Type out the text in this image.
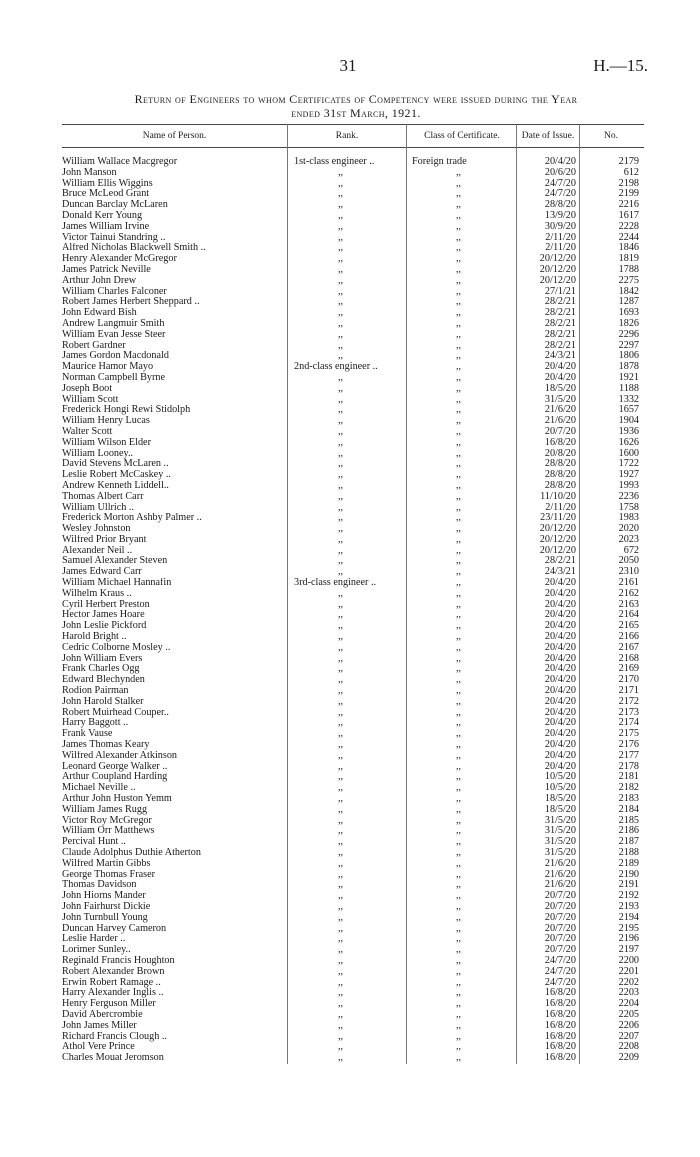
31	H.—15.
Return of Engineers to whom Certificates of Competency were issued during the Year
ended 31st March, 1921.
Name of Person.	Rank.	Class of Certificate.	Date of Issue.	No.
William Wallace Macgregor	1st-class engineer ..	Foreign trade	20/4/20	2179
John Manson	,,	,,	20/6/20	612
William Ellis Wiggins	,,	,,	24/7/20	2198
Bruce McLeod Grant	,,	,,	24/7/20	2199
Duncan Barclay McLaren	,,	,,	28/8/20	2216
Donald Kerr Young	,,	,,	13/9/20	1617
James William Irvine	,,	,,	30/9/20	2228
Victor Tainui Standring ..	,,	,,	2/11/20	2244
Alfred Nicholas Blackwell Smith ..	,,	,,	2/11/20	1846
Henry Alexander McGregor	,,	,,	20/12/20	1819
James Patrick Neville	,,	,,	20/12/20	1788
Arthur John Drew	,,	,,	20/12/20	2275
William Charles Falconer	,,	,,	27/1/21	1842
Robert James Herbert Sheppard ..	,,	,,	28/2/21	1287
John Edward Bish	,,	,,	28/2/21	1693
Andrew Langmuir Smith	,,	,,	28/2/21	1826
William Evan Jesse Steer	,,	,,	28/2/21	2296
Robert Gardner	,,	,,	28/2/21	2297
James Gordon Macdonald	,,	,,	24/3/21	1806
Maurice Hamor Mayo	2nd-class engineer ..	,,	20/4/20	1878
Norman Campbell Byrne	,,	,,	20/4/20	1921
Joseph Boot	,,	,,	18/5/20	1188
William Scott	,,	,,	31/5/20	1332
Frederick Hongi Rewi Stidolph	,,	,,	21/6/20	1657
William Henry Lucas	,,	,,	21/6/20	1904
Walter Scott	,,	,,	20/7/20	1936
William Wilson Elder	,,	,,	16/8/20	1626
William Looney..	,,	,,	20/8/20	1600
David Stevens McLaren ..	,,	,,	28/8/20	1722
Leslie Robert McCaskey ..	,,	,,	28/8/20	1927
Andrew Kenneth Liddell..	,,	,,	28/8/20	1993
Thomas Albert Carr	,,	,,	11/10/20	2236
William Ullrich ..	,,	,,	2/11/20	1758
Frederick Morton Ashby Palmer ..	,,	,,	23/11/20	1983
Wesley Johnston	,,	,,	20/12/20	2020
Wilfred Prior Bryant	,,	,,	20/12/20	2023
Alexander Neil ..	,,	,,	20/12/20	672
Samuel Alexander Steven	,,	,,	28/2/21	2050
James Edward Carr	,,	,,	24/3/21	2310
William Michael Hannafin	3rd-class engineer ..	,,	20/4/20	2161
Wilhelm Kraus ..	,,	,,	20/4/20	2162
Cyril Herbert Preston	,,	,,	20/4/20	2163
Hector James Hoare	,,	,,	20/4/20	2164
John Leslie Pickford	,,	,,	20/4/20	2165
Harold Bright ..	,,	,,	20/4/20	2166
Cedric Colborne Mosley ..	,,	,,	20/4/20	2167
John William Evers	,,	,,	20/4/20	2168
Frank Charles Ogg	,,	,,	20/4/20	2169
Edward Blechynden	,,	,,	20/4/20	2170
Rodion Pairman	,,	,,	20/4/20	2171
John Harold Stalker	,,	,,	20/4/20	2172
Robert Muirhead Couper..	,,	,,	20/4/20	2173
Harry Baggott ..	,,	,,	20/4/20	2174
Frank Vause	,,	,,	20/4/20	2175
James Thomas Keary	,,	,,	20/4/20	2176
Wilfred Alexander Atkinson	,,	,,	20/4/20	2177
Leonard George Walker ..	,,	,,	20/4/20	2178
Arthur Coupland Harding	,,	,,	10/5/20	2181
Michael Neville ..	,,	,,	10/5/20	2182
Arthur John Huston Yemm	,,	,,	18/5/20	2183
William James Rugg	,,	,,	18/5/20	2184
Victor Roy McGregor	,,	,,	31/5/20	2185
William Orr Matthews	,,	,,	31/5/20	2186
Percival Hunt ..	,,	,,	31/5/20	2187
Claude Adolphus Duthie Atherton	,,	,,	31/5/20	2188
Wilfred Martin Gibbs	,,	,,	21/6/20	2189
George Thomas Fraser	,,	,,	21/6/20	2190
Thomas Davidson	,,	,,	21/6/20	2191
John Hiorns Mander	,,	,,	20/7/20	2192
John Fairhurst Dickie	,,	,,	20/7/20	2193
John Turnbull Young	,,	,,	20/7/20	2194
Duncan Harvey Cameron	,,	,,	20/7/20	2195
Leslie Harder ..	,,	,,	20/7/20	2196
Lorimer Sunley..	,,	,,	20/7/20	2197
Reginald Francis Houghton	,,	,,	24/7/20	2200
Robert Alexander Brown	,,	,,	24/7/20	2201
Erwin Robert Ramage ..	,,	,,	24/7/20	2202
Harry Alexander Inglis ..	,,	,,	16/8/20	2203
Henry Ferguson Miller	,,	,,	16/8/20	2204
David Abercrombie	,,	,,	16/8/20	2205
John James Miller	,,	,,	16/8/20	2206
Richard Francis Clough ..	,,	,,	16/8/20	2207
Athol Vere Prince	,,	,,	16/8/20	2208
Charles Mouat Jeromson	,,	,,	16/8/20	2209
